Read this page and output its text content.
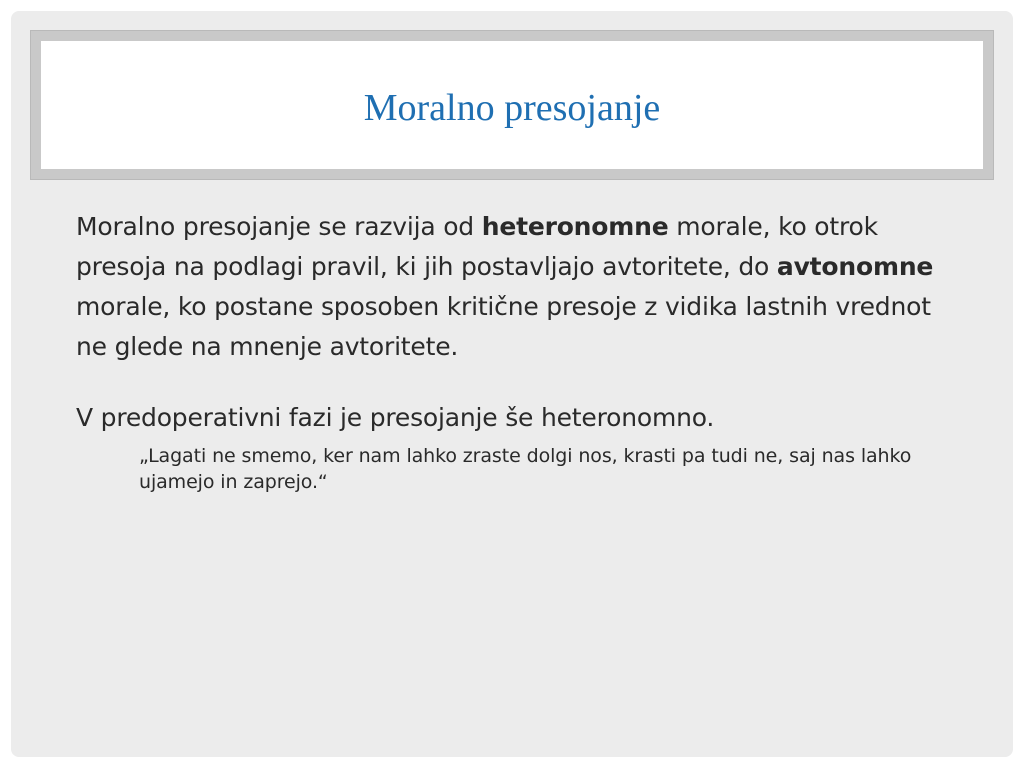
Moralno presojanje

Moralno presojanje se razvija od heteronomne morale, ko otrok presoja na podlagi pravil, ki jih postavljajo avtoritete, do avtonomne morale, ko postane sposoben kritične presoje z vidika lastnih vrednot ne glede na mnenje avtoritete.

V predoperativni fazi je presojanje še heteronomno.

„Lagati ne smemo, ker nam lahko zraste dolgi nos, krasti pa tudi ne, saj nas lahko ujamejo in zaprejo.“
